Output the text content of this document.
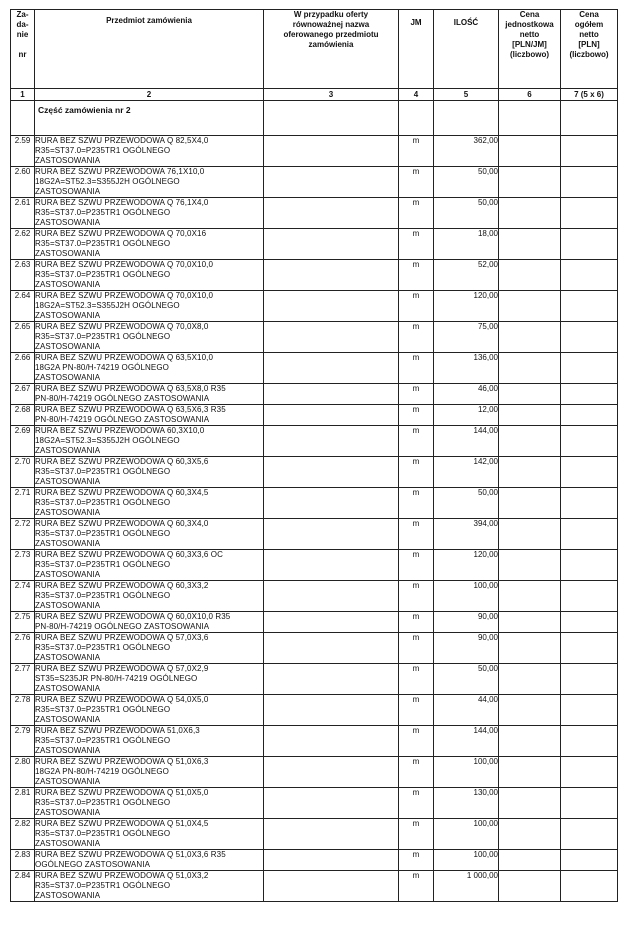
Za-
da-
nie
nr	Przedmiot zamówienia	W przypadku oferty
równoważnej nazwa
oferowanego przedmiotu
zamówienia	JM	ILOŚĆ	Cena
jednostkowa
netto
[PLN/JM]
(liczbowo)	Cena
ogółem
netto
[PLN]
(liczbowo)

1	2	3	4	5	6	7 (5 x 6)
	Część zamówienia nr 2					
2.59	RURA BEZ SZWU PRZEWODOWA Q 82,5X4,0
R35=ST37.0=P235TR1 OGÓLNEGO
ZASTOSOWANIA		m	362,00		
2.60	RURA BEZ SZWU PRZEWODOWA 76,1X10,0
18G2A=ST52.3=S355J2H OGÓLNEGO
ZASTOSOWANIA		m	50,00		
2.61	RURA BEZ SZWU PRZEWODOWA Q 76,1X4,0
R35=ST37.0=P235TR1 OGÓLNEGO
ZASTOSOWANIA		m	50,00		
2.62	RURA BEZ SZWU PRZEWODOWA Q 70,0X16
R35=ST37.0=P235TR1 OGÓLNEGO
ZASTOSOWANIA		m	18,00		
2.63	RURA BEZ SZWU PRZEWODOWA Q 70,0X10,0
R35=ST37.0=P235TR1 OGÓLNEGO
ZASTOSOWANIA		m	52,00		
2.64	RURA BEZ SZWU PRZEWODOWA Q 70,0X10,0
18G2A=ST52.3=S355J2H OGÓLNEGO
ZASTOSOWANIA		m	120,00		
2.65	RURA BEZ SZWU PRZEWODOWA Q 70,0X8,0
R35=ST37.0=P235TR1 OGÓLNEGO
ZASTOSOWANIA		m	75,00		
2.66	RURA BEZ SZWU PRZEWODOWA Q 63,5X10,0
18G2A PN-80/H-74219 OGÓLNEGO
ZASTOSOWANIA		m	136,00		
2.67	RURA BEZ SZWU PRZEWODOWA Q 63,5X8,0 R35
PN-80/H-74219 OGÓLNEGO ZASTOSOWANIA		m	46,00		
2.68	RURA BEZ SZWU PRZEWODOWA Q 63,5X6,3 R35
PN-80/H-74219 OGÓLNEGO ZASTOSOWANIA		m	12,00		
2.69	RURA BEZ SZWU PRZEWODOWA 60,3X10,0
18G2A=ST52.3=S355J2H OGÓLNEGO
ZASTOSOWANIA		m	144,00		
2.70	RURA BEZ SZWU PRZEWODOWA Q 60,3X5,6
R35=ST37.0=P235TR1 OGÓLNEGO
ZASTOSOWANIA		m	142,00		
2.71	RURA BEZ SZWU PRZEWODOWA Q 60,3X4,5
R35=ST37.0=P235TR1 OGÓLNEGO
ZASTOSOWANIA		m	50,00		
2.72	RURA BEZ SZWU PRZEWODOWA Q 60,3X4,0
R35=ST37.0=P235TR1 OGÓLNEGO
ZASTOSOWANIA		m	394,00		
2.73	RURA BEZ SZWU PRZEWODOWA Q 60,3X3,6 OC
R35=ST37.0=P235TR1 OGÓLNEGO
ZASTOSOWANIA		m	120,00		
2.74	RURA BEZ SZWU PRZEWODOWA Q 60,3X3,2
R35=ST37.0=P235TR1 OGÓLNEGO
ZASTOSOWANIA		m	100,00		
2.75	RURA BEZ SZWU PRZEWODOWA Q 60,0X10,0 R35
PN-80/H-74219 OGÓLNEGO ZASTOSOWANIA		m	90,00		
2.76	RURA BEZ SZWU PRZEWODOWA Q 57,0X3,6
R35=ST37.0=P235TR1 OGÓLNEGO
ZASTOSOWANIA		m	90,00		
2.77	RURA BEZ SZWU PRZEWODOWA Q 57,0X2,9
ST35=S235JR PN-80/H-74219 OGÓLNEGO
ZASTOSOWANIA		m	50,00		
2.78	RURA BEZ SZWU PRZEWODOWA Q 54,0X5,0
R35=ST37.0=P235TR1 OGÓLNEGO
ZASTOSOWANIA		m	44,00		
2.79	RURA BEZ SZWU PRZEWODOWA 51,0X6,3
R35=ST37.0=P235TR1 OGÓLNEGO
ZASTOSOWANIA		m	144,00		
2.80	RURA BEZ SZWU PRZEWODOWA Q 51,0X6,3
18G2A PN-80/H-74219 OGÓLNEGO
ZASTOSOWANIA		m	100,00		
2.81	RURA BEZ SZWU PRZEWODOWA Q 51,0X5,0
R35=ST37.0=P235TR1 OGÓLNEGO
ZASTOSOWANIA		m	130,00		
2.82	RURA BEZ SZWU PRZEWODOWA Q 51,0X4,5
R35=ST37.0=P235TR1 OGÓLNEGO
ZASTOSOWANIA		m	100,00		
2.83	RURA BEZ SZWU PRZEWODOWA Q 51,0X3,6 R35
OGÓLNEGO ZASTOSOWANIA		m	100,00		
2.84	RURA BEZ SZWU PRZEWODOWA Q 51,0X3,2
R35=ST37.0=P235TR1 OGÓLNEGO
ZASTOSOWANIA		m	1 000,00		
